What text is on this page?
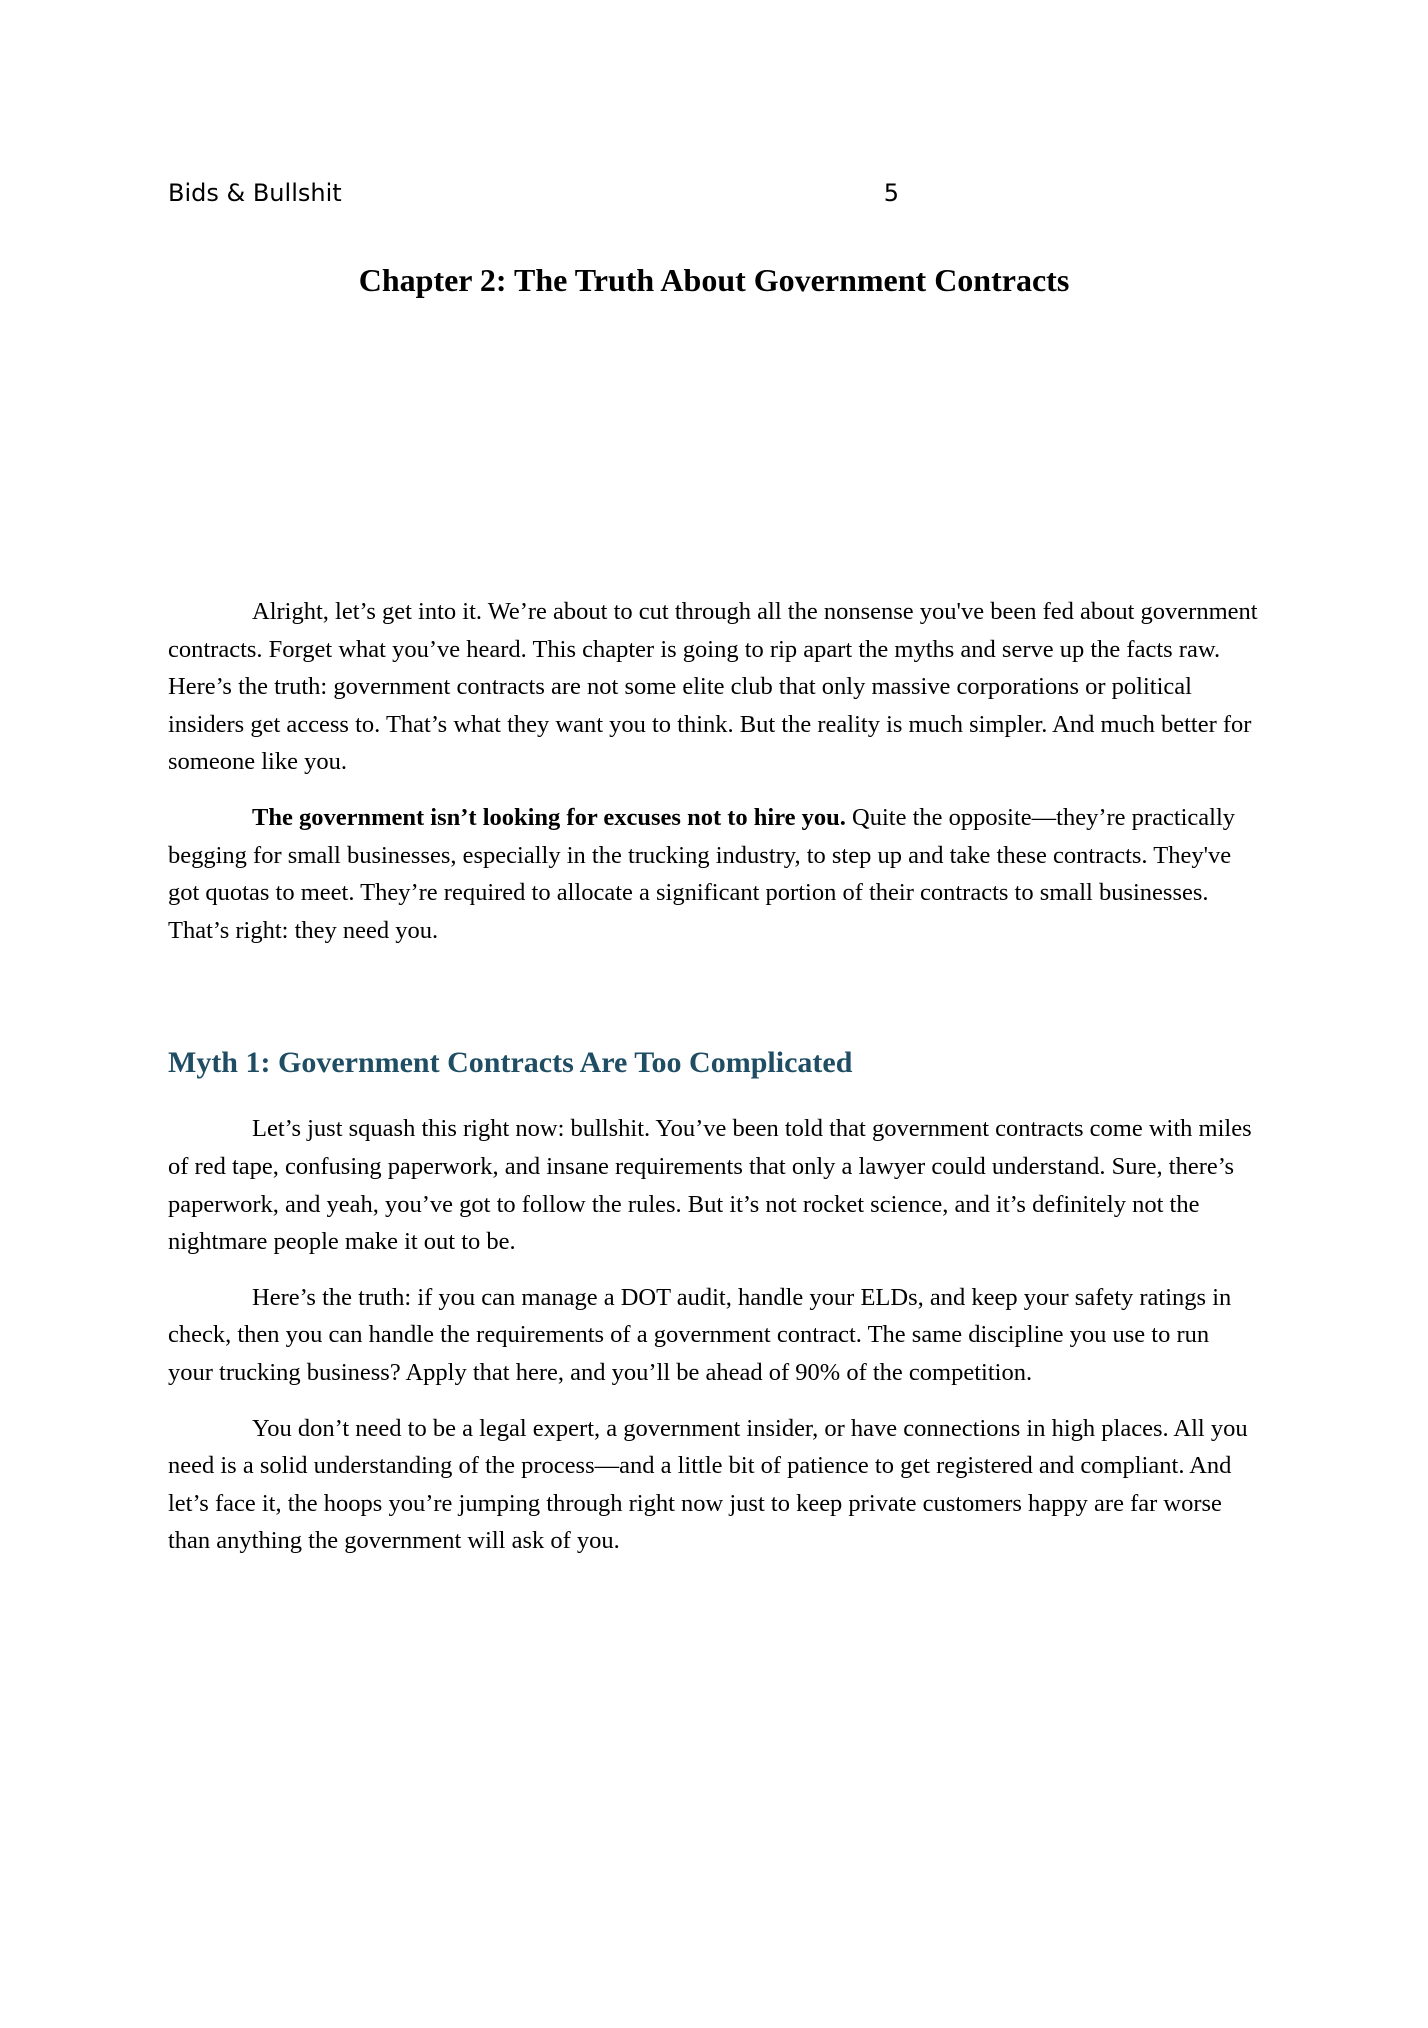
Bids & Bullshit	5
Chapter 2: The Truth About Government Contracts

Alright, let’s get into it. We’re about to cut through all the nonsense you've been fed about government contracts. Forget what you’ve heard. This chapter is going to rip apart the myths and serve up the facts raw. Here’s the truth: government contracts are not some elite club that only massive corporations or political insiders get access to. That’s what they want you to think. But the reality is much simpler. And much better for someone like you.

The government isn’t looking for excuses not to hire you. Quite the opposite—they’re practically begging for small businesses, especially in the trucking industry, to step up and take these contracts. They've got quotas to meet. They’re required to allocate a significant portion of their contracts to small businesses. That’s right: they need you.

Myth 1: Government Contracts Are Too Complicated

Let’s just squash this right now: bullshit. You’ve been told that government contracts come with miles of red tape, confusing paperwork, and insane requirements that only a lawyer could understand. Sure, there’s paperwork, and yeah, you’ve got to follow the rules. But it’s not rocket science, and it’s definitely not the nightmare people make it out to be.

Here’s the truth: if you can manage a DOT audit, handle your ELDs, and keep your safety ratings in check, then you can handle the requirements of a government contract. The same discipline you use to run your trucking business? Apply that here, and you’ll be ahead of 90% of the competition.

You don’t need to be a legal expert, a government insider, or have connections in high places. All you need is a solid understanding of the process—and a little bit of patience to get registered and compliant. And let’s face it, the hoops you’re jumping through right now just to keep private customers happy are far worse than anything the government will ask of you.
